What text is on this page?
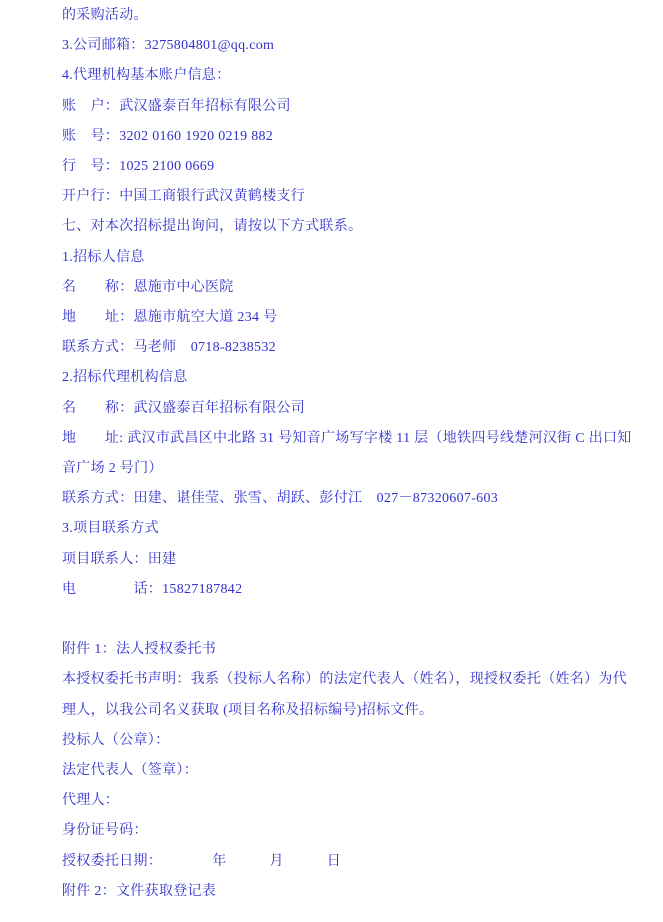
的采购活动。

3.公司邮箱：3275804801@qq.com

4.代理机构基本账户信息：

账　户：武汉盛泰百年招标有限公司

账　号：3202 0160 1920 0219 882

行　号：1025 2100 0669

开户行：中国工商银行武汉黄鹤楼支行

七、对本次招标提出询问，请按以下方式联系。

1.招标人信息

名　　称：恩施市中心医院

地　　址：恩施市航空大道 234 号

联系方式：马老师　0718-8238532

2.招标代理机构信息

名　　称：武汉盛泰百年招标有限公司

地　　址: 武汉市武昌区中北路 31 号知音广场写字楼 11 层（地铁四号线楚河汉街 C 出口知

音广场 2 号门）

联系方式：田建、谌佳莹、张雪、胡跃、彭付江　027－87320607-603

3.项目联系方式

项目联系人：田建

电　　　　话：15827187842

附件 1：法人授权委托书

本授权委托书声明：我系（投标人名称）的法定代表人（姓名），现授权委托（姓名）为代

理人，以我公司名义获取 (项目名称及招标编号)招标文件。

投标人（公章）：

法定代表人（签章）：

代理人：

身份证号码：

授权委托日期：　　　　年　　　月　　　日

附件 2：文件获取登记表
